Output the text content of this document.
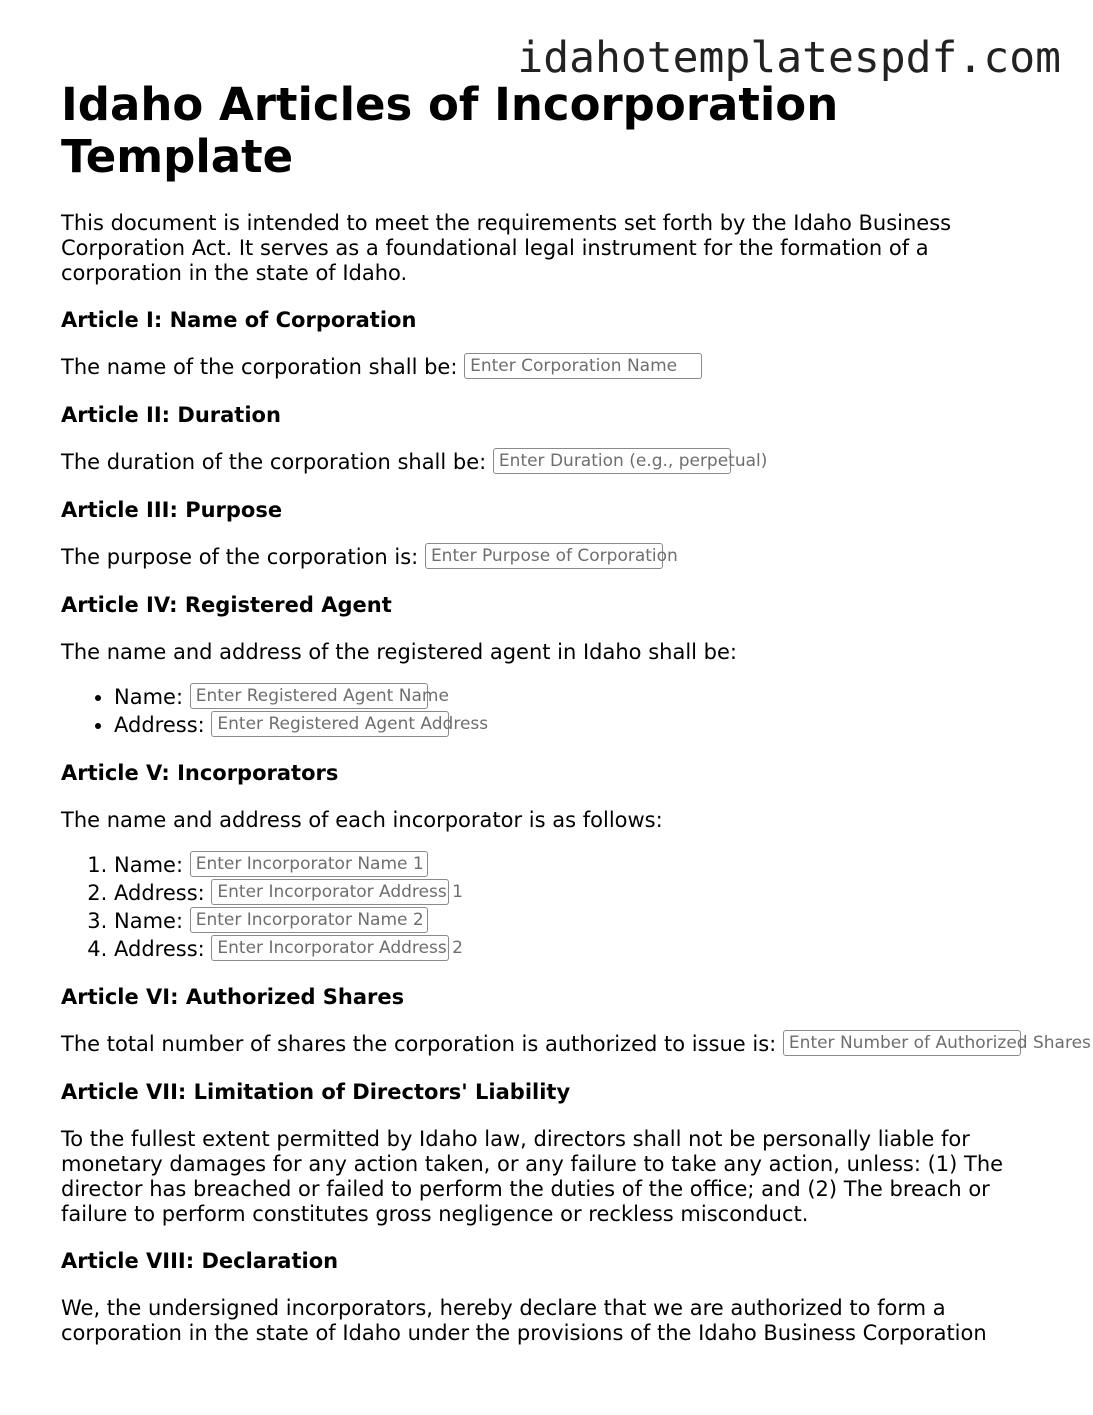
idahotemplatespdf.com
Idaho Articles of Incorporation Template

This document is intended to meet the requirements set forth by the Idaho Business Corporation Act. It serves as a foundational legal instrument for the formation of a corporation in the state of Idaho.

Article I: Name of Corporation

The name of the corporation shall be: Enter Corporation Name

Article II: Duration

The duration of the corporation shall be: Enter Duration (e.g., perpetual)

Article III: Purpose

The purpose of the corporation is: Enter Purpose of Corporation

Article IV: Registered Agent

The name and address of the registered agent in Idaho shall be:

• Name: Enter Registered Agent Name
• Address: Enter Registered Agent Address
Article V: Incorporators

The name and address of each incorporator is as follows:

1. Name: Enter Incorporator Name 1
2. Address: Enter Incorporator Address 1
3. Name: Enter Incorporator Name 2
4. Address: Enter Incorporator Address 2
Article VI: Authorized Shares

The total number of shares the corporation is authorized to issue is: Enter Number of Authorized Shares

Article VII: Limitation of Directors' Liability

To the fullest extent permitted by Idaho law, directors shall not be personally liable for monetary damages for any action taken, or any failure to take any action, unless: (1) The director has breached or failed to perform the duties of the office; and (2) The breach or failure to perform constitutes gross negligence or reckless misconduct.

Article VIII: Declaration

We, the undersigned incorporators, hereby declare that we are authorized to form a corporation in the state of Idaho under the provisions of the Idaho Business Corporation
